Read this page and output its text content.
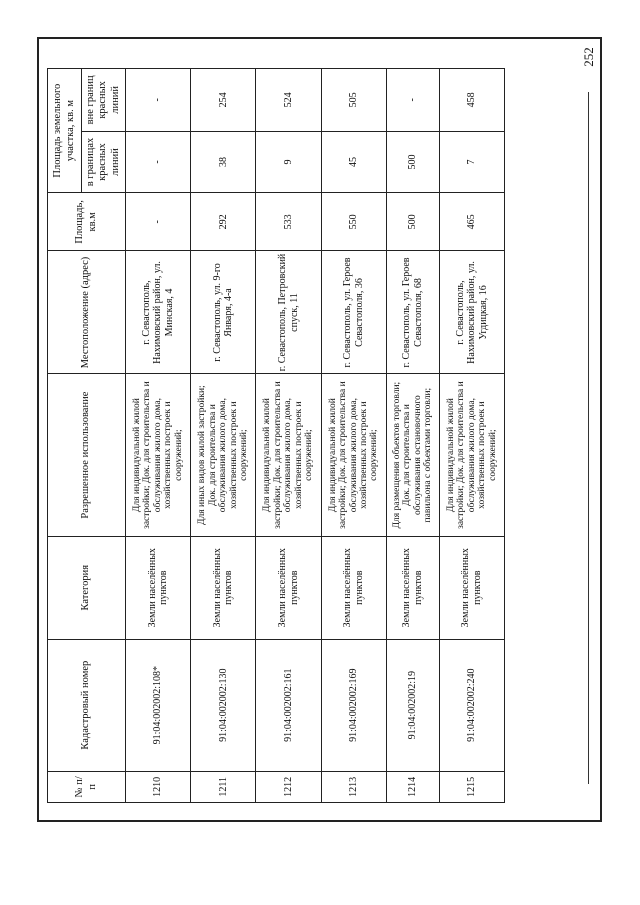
252
№ п/п	Кадастровый номер	Категория	Разрешенное использование	Местоположение (адрес)	Площадь, кв.м	Площадь земельного участка, кв. м	
						в границах красных линий	вне границ красных линий
1210	91:04:002002:108*	Земли населённых пунктов	Для индивидуальной жилой застройки; Док. для строительства и обслуживания жилого дома, хозяйственных построек и сооружений;	г. Севастополь, Нахимовский район, ул. Минская, 4	-	-	-
1211	91:04:002002:130	Земли населённых пунктов	Для иных видов жилой застройки; Док. для строительства и обслуживания жилого дома, хозяйственных построек и сооружений;	г. Севастополь, ул. 9-го Января, 4-а	292	38	254
1212	91:04:002002:161	Земли населённых пунктов	Для индивидуальной жилой застройки; Док. для строительства и обслуживания жилого дома, хозяйственных построек и сооружений;	г. Севастополь, Петровский спуск, 11	533	9	524
1213	91:04:002002:169	Земли населённых пунктов	Для индивидуальной жилой застройки; Док. для строительства и обслуживания жилого дома, хозяйственных построек и сооружений;	г. Севастополь, ул. Героев Севастополя, 36	550	45	505
1214	91:04:002002:19	Земли населённых пунктов	Для размещения объектов торговли; Док. для строительства и обслуживания остановочного павильона с объектами торговли;	г. Севастополь, ул. Героев Севастополя, 68	500	500	-
1215	91:04:002002:240	Земли населённых пунктов	Для индивидуальной жилой застройки; Док. для строительства и обслуживания жилого дома, хозяйственных построек и сооружений;	г. Севастополь, Нахимовский район, ул. Угдицкая, 16	465	7	458
